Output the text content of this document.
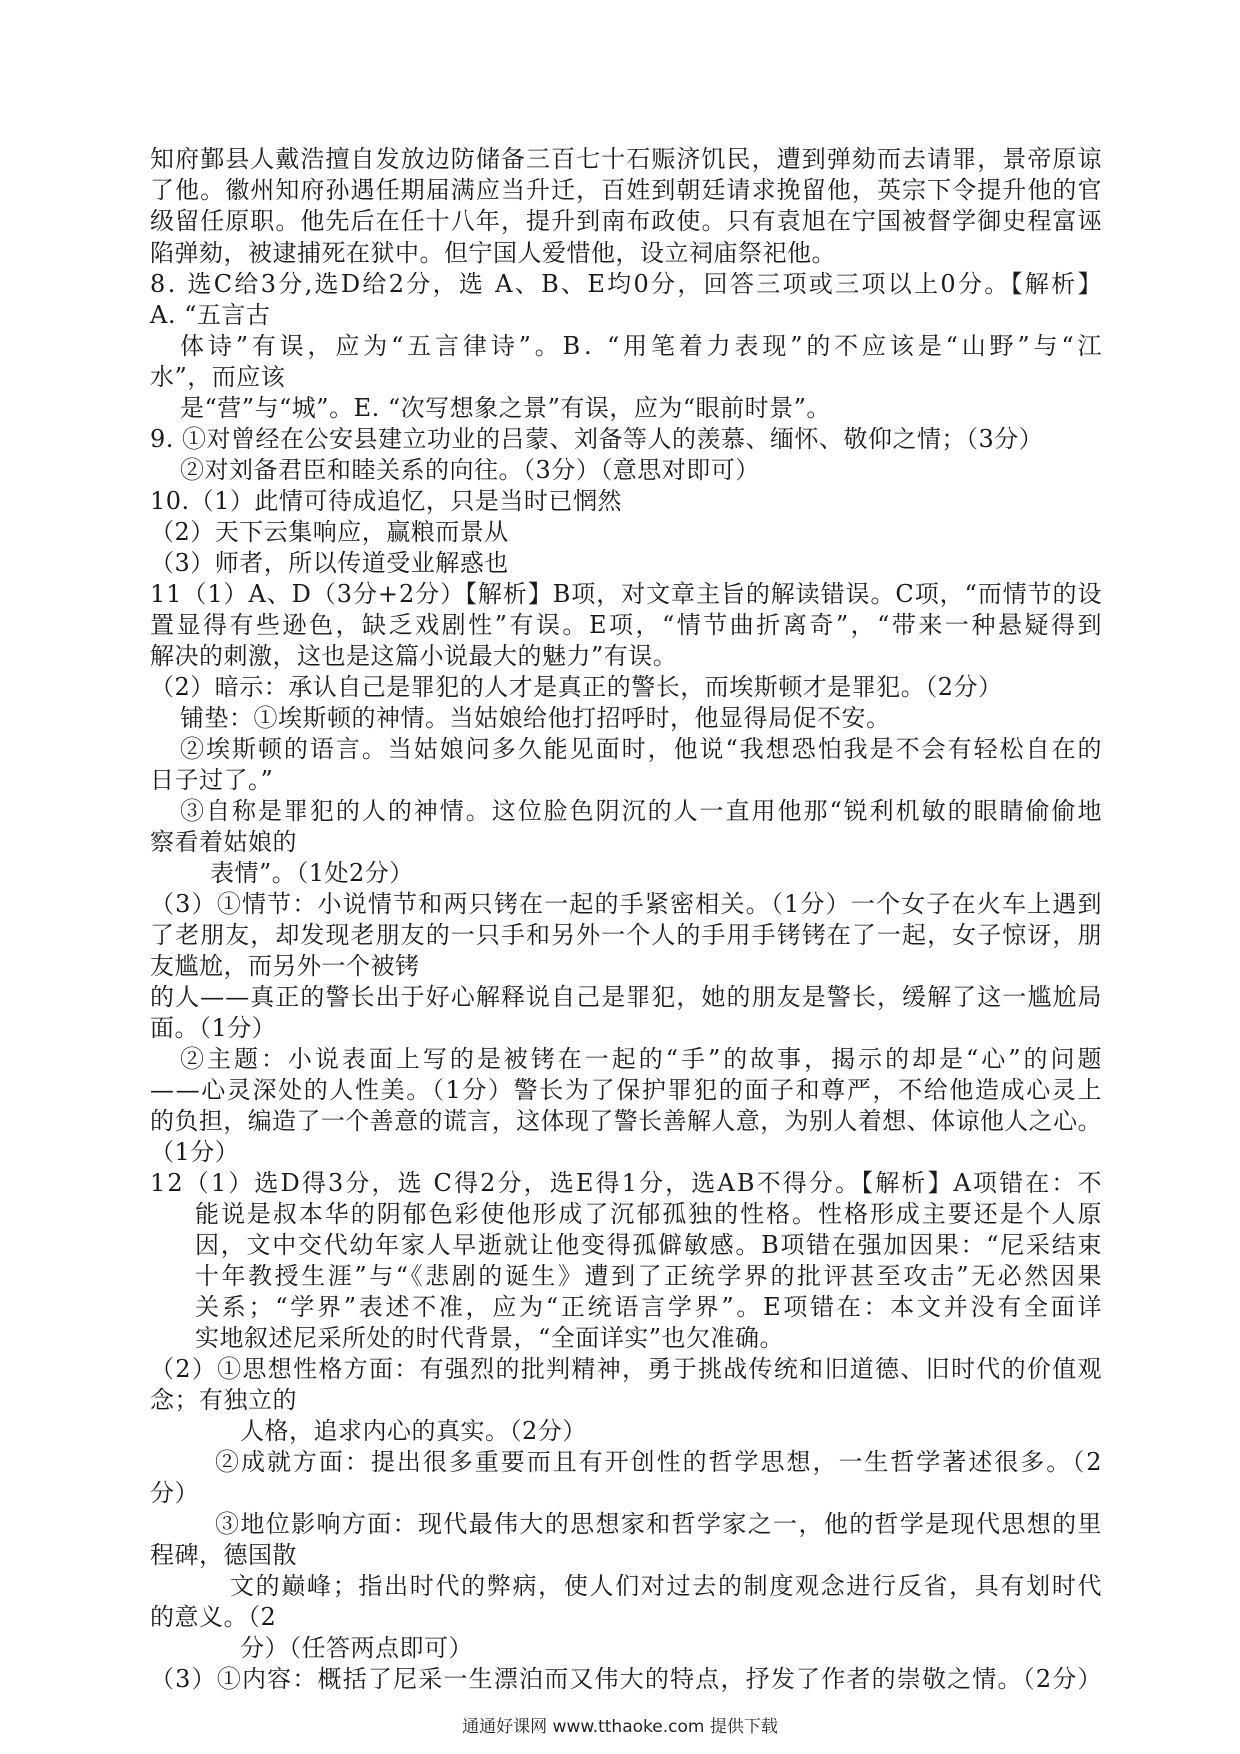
知府鄞县人戴浩擅自发放边防储备三百七十石赈济饥民，遭到弹劾而去请罪，景帝原谅
了他。徽州知府孙遇任期届满应当升迁，百姓到朝廷请求挽留他，英宗下令提升他的官
级留任原职。他先后在任十八年，提升到南布政使。只有袁旭在宁国被督学御史程富诬
陷弹劾，被逮捕死在狱中。但宁国人爱惜他，设立祠庙祭祀他。
8. 选C给3分,选D给2分，选 A、B、E均0分，回答三项或三项以上0分。【解析】
A. “五言古
体诗”有误，应为“五言律诗”。B. “用笔着力表现”的不应该是“山野”与“江
水”，而应该
是“营”与“城”。E. “次写想象之景”有误，应为“眼前时景”。
9. ①对曾经在公安县建立功业的吕蒙、刘备等人的羡慕、缅怀、敬仰之情；（3分）
②对刘备君臣和睦关系的向往。（3分）（意思对即可）
10.（1）此情可待成追忆，只是当时已惘然
（2）天下云集响应，赢粮而景从
（3）师者，所以传道受业解惑也
11（1）A、D（3分+2分）【解析】B项，对文章主旨的解读错误。C项，“而情节的设
置显得有些逊色，缺乏戏剧性”有误。E项，“情节曲折离奇”，“带来一种悬疑得到
解决的刺激，这也是这篇小说最大的魅力”有误。
（2）暗示：承认自己是罪犯的人才是真正的警长，而埃斯顿才是罪犯。（2分）
铺垫：①埃斯顿的神情。当姑娘给他打招呼时，他显得局促不安。
②埃斯顿的语言。当姑娘问多久能见面时，他说“我想恐怕我是不会有轻松自在的
日子过了。”
③自称是罪犯的人的神情。这位脸色阴沉的人一直用他那“锐利机敏的眼睛偷偷地
察看着姑娘的
表情”。（1处2分）
（3）①情节：小说情节和两只铐在一起的手紧密相关。（1分）一个女子在火车上遇到
了老朋友，却发现老朋友的一只手和另外一个人的手用手铐铐在了一起，女子惊讶，朋
友尴尬，而另外一个被铐
的人——真正的警长出于好心解释说自己是罪犯，她的朋友是警长，缓解了这一尴尬局
面。（1分）
②主题：小说表面上写的是被铐在一起的“手”的故事，揭示的却是“心”的问题
——心灵深处的人性美。（1分）警长为了保护罪犯的面子和尊严，不给他造成心灵上
的负担，编造了一个善意的谎言，这体现了警长善解人意，为别人着想、体谅他人之心。
（1分）
12（1）选D得3分，选 C得2分，选E得1分，选AB不得分。【解析】A项错在：不
能说是叔本华的阴郁色彩使他形成了沉郁孤独的性格。性格形成主要还是个人原
因，文中交代幼年家人早逝就让他变得孤僻敏感。B项错在强加因果：“尼采结束
十年教授生涯”与“《悲剧的诞生》遭到了正统学界的批评甚至攻击”无必然因果
关系；“学界”表述不准，应为“正统语言学界”。E项错在：本文并没有全面详
实地叙述尼采所处的时代背景，“全面详实”也欠准确。
（2）①思想性格方面：有强烈的批判精神，勇于挑战传统和旧道德、旧时代的价值观
念；有独立的
人格，追求内心的真实。（2分）
②成就方面：提出很多重要而且有开创性的哲学思想，一生哲学著述很多。（2
分）
③地位影响方面：现代最伟大的思想家和哲学家之一，他的哲学是现代思想的里
程碑，德国散
文的巅峰；指出时代的弊病，使人们对过去的制度观念进行反省，具有划时代
的意义。（2
分）（任答两点即可）
（3）①内容：概括了尼采一生漂泊而又伟大的特点，抒发了作者的崇敬之情。（2分）
通通好课网 www.tthaoke.com 提供下载
